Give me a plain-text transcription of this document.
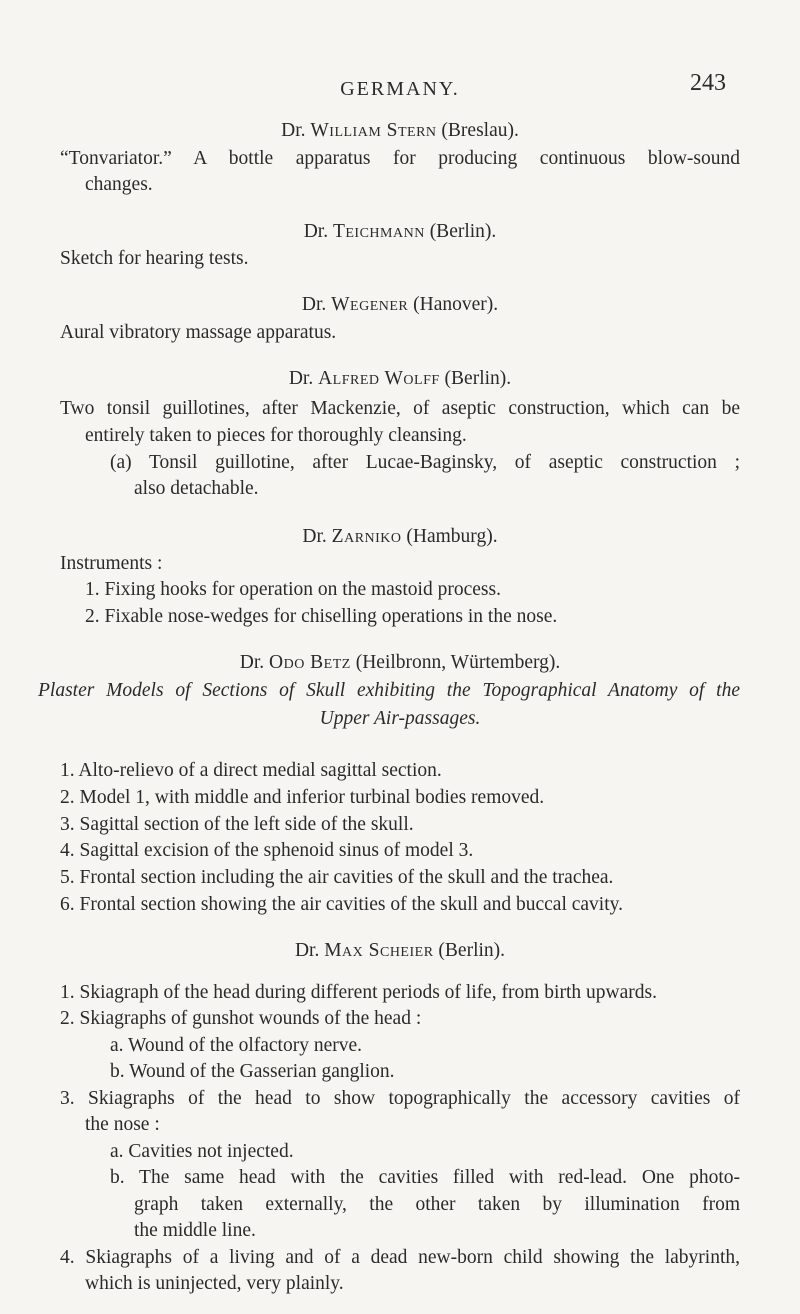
GERMANY.	243
Dr. William Stern (Breslau).
“Tonvariator.” A bottle apparatus for producing continuous blow-sound
changes.
Dr. Teichmann (Berlin).
Sketch for hearing tests.
Dr. Wegener (Hanover).
Aural vibratory massage apparatus.
Dr. Alfred Wolff (Berlin).
Two tonsil guillotines, after Mackenzie, of aseptic construction, which can be
entirely taken to pieces for thoroughly cleansing.
(a) Tonsil guillotine, after Lucae-Baginsky, of aseptic construction ;
also detachable.
Dr. Zarniko (Hamburg).
Instruments :
1. Fixing hooks for operation on the mastoid process.
2. Fixable nose-wedges for chiselling operations in the nose.
Dr. Odo Betz (Heilbronn, Würtemberg).
Plaster Models of Sections of Skull exhibiting the Topographical Anatomy of the
Upper Air-passages.
1. Alto-relievo of a direct medial sagittal section.
2. Model 1, with middle and inferior turbinal bodies removed.
3. Sagittal section of the left side of the skull.
4. Sagittal excision of the sphenoid sinus of model 3.
5. Frontal section including the air cavities of the skull and the trachea.
6. Frontal section showing the air cavities of the skull and buccal cavity.
Dr. Max Scheier (Berlin).
1. Skiagraph of the head during different periods of life, from birth upwards.
2. Skiagraphs of gunshot wounds of the head :
a. Wound of the olfactory nerve.
b. Wound of the Gasserian ganglion.
3. Skiagraphs of the head to show topographically the accessory cavities of
the nose :
a. Cavities not injected.
b. The same head with the cavities filled with red-lead. One photo-
graph taken externally, the other taken by illumination from
the middle line.
4. Skiagraphs of a living and of a dead new-born child showing the labyrinth,
which is uninjected, very plainly.
